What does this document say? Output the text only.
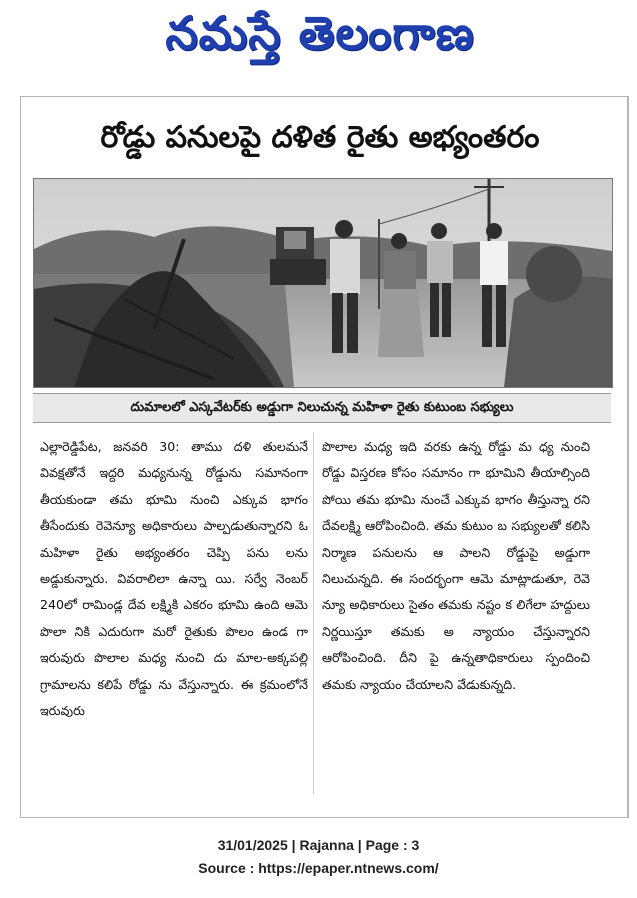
నమస్తే తెలంగాణ
రోడ్డు పనులపై దళిత రైతు అభ్యంతరం
దుమాలలో ఎస్కవేటర్‌కు అడ్డుగా నిలుచున్న మహిళా రైతు కుటుంబ సభ్యులు

ఎల్లారెడ్డిపేట, జనవరి 30: తాము దళి తులమనే వివక్షతోనే ఇద్దరి మధ్యనున్న రోడ్డును సమానంగా తీయకుండా తమ భూమి నుంచి ఎక్కువ భాగం తీసేందుకు రెవెన్యూ అధికారులు పాల్పడుతున్నారని ఓ మహిళా రైతు అభ్యంతరం చెప్పి పను లను అడ్డుకున్నారు. వివరాలిలా ఉన్నా యి. సర్వే నెంబర్ 240లో రామిండ్ల దేవ లక్ష్మికి ఎకరం భూమి ఉంది ఆమె పొలా నికి ఎదురుగా మరో రైతుకు పొలం ఉండ గా ఇరువురు పొలాల మధ్య నుంచి దు మాల-అక్కపల్లి గ్రామాలను కలిపే రోడ్డు ను వేస్తున్నారు. ఈ క్రమంలోనే ఇరువురు

పొలాల మధ్య ఇది వరకు ఉన్న రోడ్డు మ ధ్య నుంచి రోడ్డు విస్తరణ కోసం సమానం గా భూమిని తీయాల్సింది పోయి తమ భూమి నుంచే ఎక్కువ భాగం తీస్తున్నా రని దేవలక్ష్మి ఆరోపించింది. తమ కుటుం బ సభ్యులతో కలిసి నిర్మాణ పనులను ఆ పాలని రోడ్డుపై అడ్డుగా నిలుచున్నది. ఈ సందర్భంగా ఆమె మాట్లాడుతూ, రెవె న్యూ అధికారులు సైతం తమకు నష్టం క లిగేలా హద్దులు నిర్ణయిస్తూ తమకు అ న్యాయం చేస్తున్నారని ఆరోపించింది. దీని పై ఉన్నతాధికారులు స్పందించి తమకు న్యాయం చేయాలని వేడుకున్నది.

31/01/2025 | Rajanna | Page : 3
Source : https://epaper.ntnews.com/
